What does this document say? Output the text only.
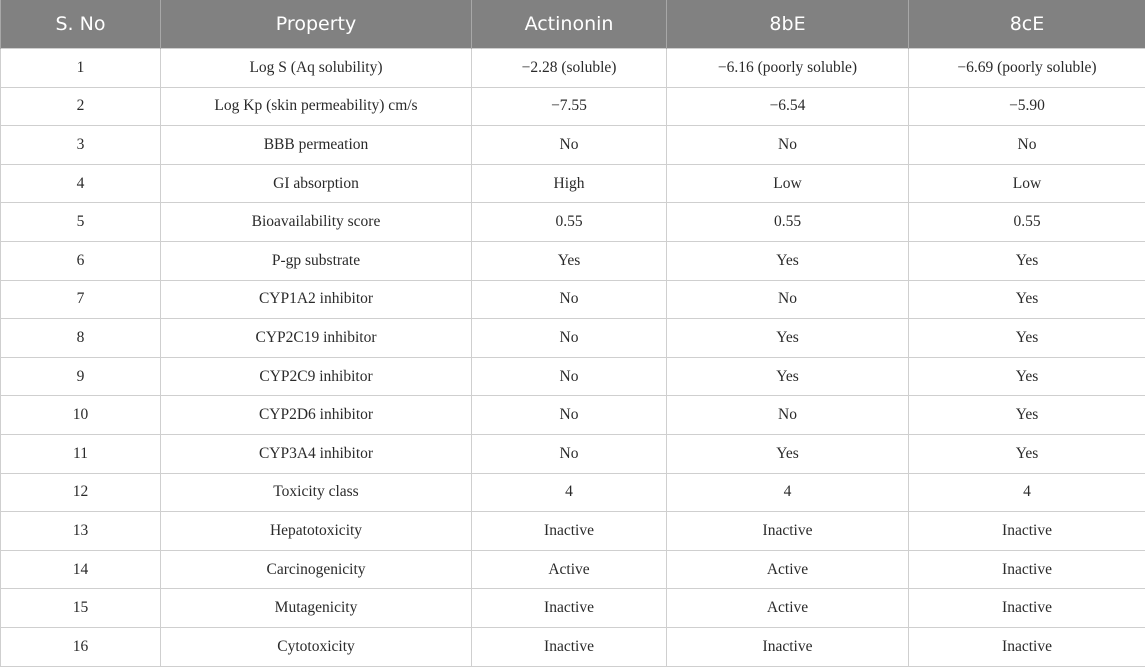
S. No	Property	Actinonin	8bE	8cE
1	Log S (Aq solubility)	−2.28 (soluble)	−6.16 (poorly soluble)	−6.69 (poorly soluble)
2	Log Kp (skin permeability) cm/s	−7.55	−6.54	−5.90
3	BBB permeation	No	No	No
4	GI absorption	High	Low	Low
5	Bioavailability score	0.55	0.55	0.55
6	P-gp substrate	Yes	Yes	Yes
7	CYP1A2 inhibitor	No	No	Yes
8	CYP2C19 inhibitor	No	Yes	Yes
9	CYP2C9 inhibitor	No	Yes	Yes
10	CYP2D6 inhibitor	No	No	Yes
11	CYP3A4 inhibitor	No	Yes	Yes
12	Toxicity class	4	4	4
13	Hepatotoxicity	Inactive	Inactive	Inactive
14	Carcinogenicity	Active	Active	Inactive
15	Mutagenicity	Inactive	Active	Inactive
16	Cytotoxicity	Inactive	Inactive	Inactive
